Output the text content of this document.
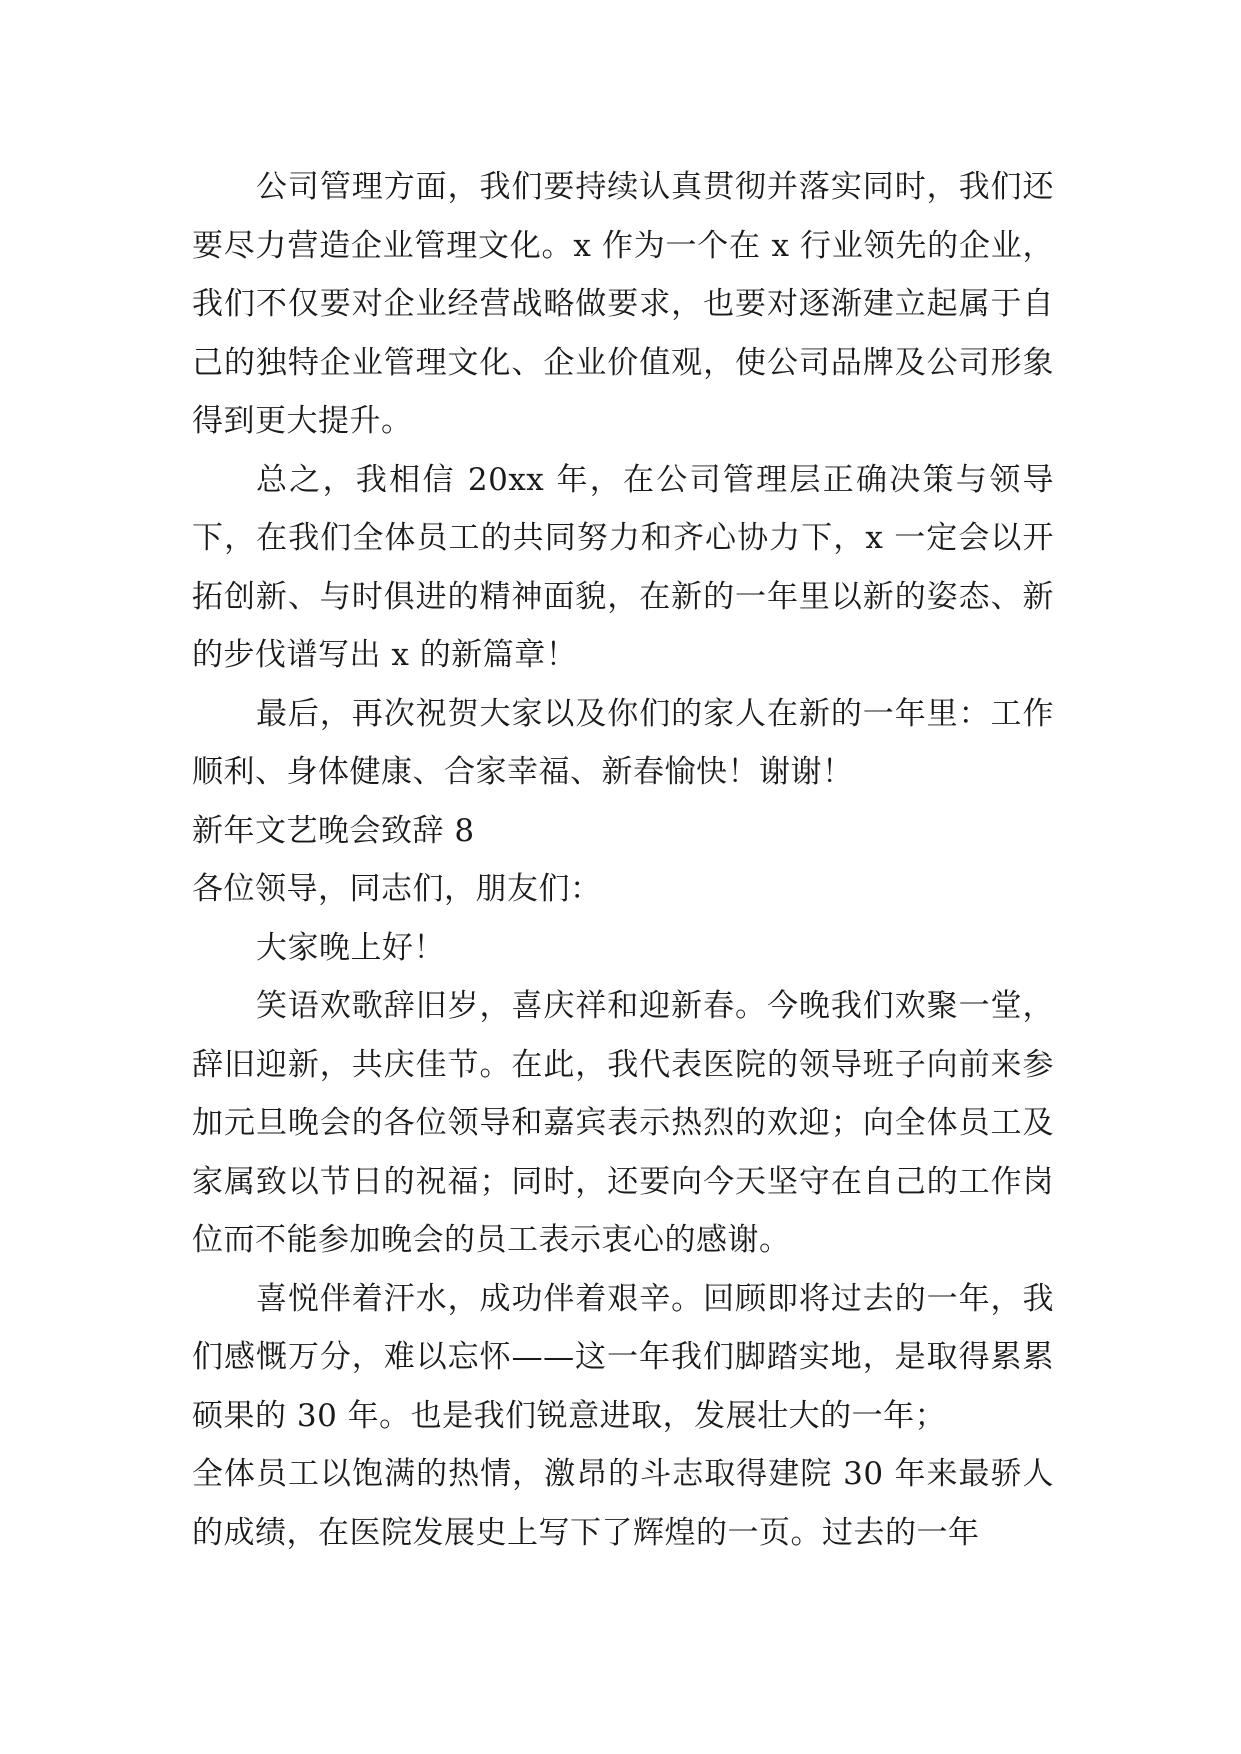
公司管理方面，我们要持续认真贯彻并落实同时，我们还要尽力营造企业管理文化。x 作为一个在 x 行业领先的企业，我们不仅要对企业经营战略做要求，也要对逐渐建立起属于自己的独特企业管理文化、企业价值观，使公司品牌及公司形象得到更大提升。

总之，我相信 20xx 年，在公司管理层正确决策与领导下，在我们全体员工的共同努力和齐心协力下，x 一定会以开拓创新、与时俱进的精神面貌，在新的一年里以新的姿态、新的步伐谱写出 x 的新篇章！

最后，再次祝贺大家以及你们的家人在新的一年里：工作顺利、身体健康、合家幸福、新春愉快！谢谢！

新年文艺晚会致辞 8

各位领导，同志们，朋友们：

大家晚上好！

笑语欢歌辞旧岁，喜庆祥和迎新春。今晚我们欢聚一堂，辞旧迎新，共庆佳节。在此，我代表医院的领导班子向前来参加元旦晚会的各位领导和嘉宾表示热烈的欢迎；向全体员工及家属致以节日的祝福；同时，还要向今天坚守在自己的工作岗位而不能参加晚会的员工表示衷心的感谢。

喜悦伴着汗水，成功伴着艰辛。回顾即将过去的一年，我们感慨万分，难以忘怀——这一年我们脚踏实地，是取得累累硕果的 30 年。也是我们锐意进取，发展壮大的一年；

全体员工以饱满的热情，激昂的斗志取得建院 30 年来最骄人的成绩，在医院发展史上写下了辉煌的一页。过去的一年
